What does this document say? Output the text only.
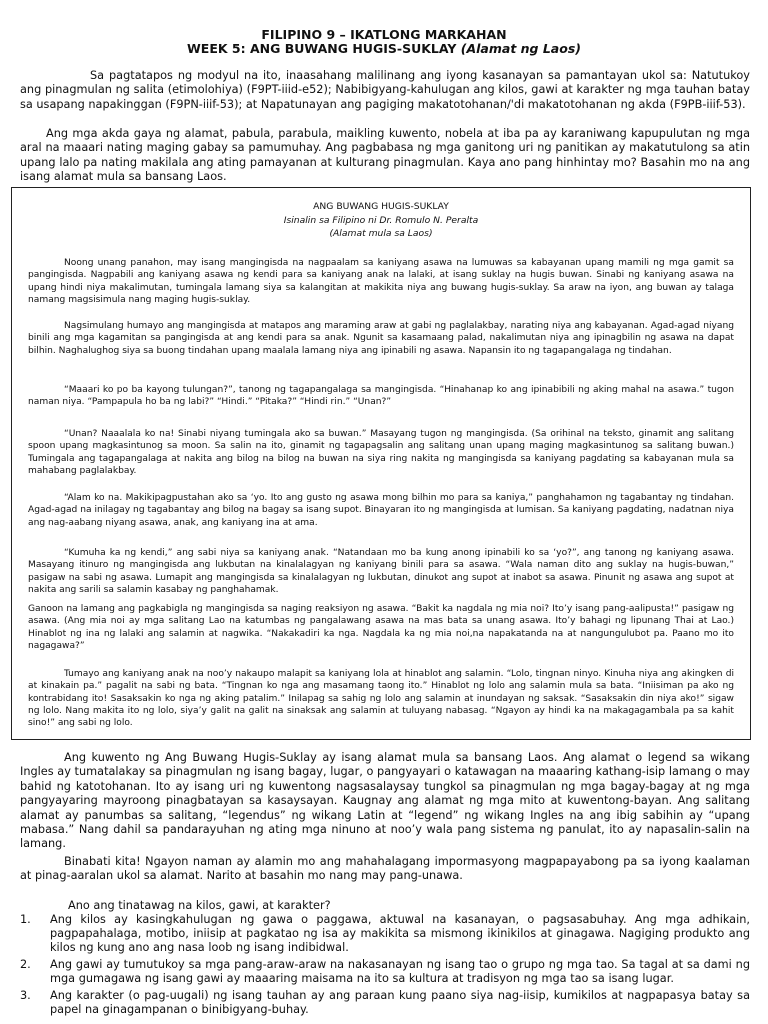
FILIPINO 9 – IKATLONG MARKAHAN
WEEK 5: ANG BUWANG HUGIS-SUKLAY (Alamat ng Laos)
Sa pagtatapos ng modyul na ito, inaasahang malilinang ang iyong kasanayan sa pamantayan ukol sa: Natutukoy ang pinagmulan ng salita (etimolohiya) (F9PT-iiid-e52); Nabibigyang-kahulugan ang kilos, gawi at karakter ng mga tauhan batay sa usapang napakinggan (F9PN-iiif-53); at Napatunayan ang pagiging makatotohanan/'di makatotohanan ng akda (F9PB-iiif-53).
Ang mga akda gaya ng alamat, pabula, parabula, maikling kuwento, nobela at iba pa ay karaniwang kapupulutan ng mga aral na maaari nating maging gabay sa pamumuhay. Ang pagbabasa ng mga ganitong uri ng panitikan ay makatutulong sa atin upang lalo pa nating makilala ang ating pamayanan at kulturang pinagmulan. Kaya ano pang hinhintay mo? Basahin mo na ang isang alamat mula sa bansang Laos.
ANG BUWANG HUGIS-SUKLAY
Isinalin sa Filipino ni Dr. Romulo N. Peralta
(Alamat mula sa Laos)
Noong unang panahon, may isang mangingisda na nagpaalam sa kaniyang asawa na lumuwas sa kabayanan upang mamili ng mga gamit sa pangingisda. Nagpabili ang kaniyang asawa ng kendi para sa kaniyang anak na lalaki, at isang suklay na hugis buwan. Sinabi ng kaniyang asawa na upang hindi niya makalimutan, tumingala lamang siya sa kalangitan at makikita niya ang buwang hugis-suklay. Sa araw na iyon, ang buwan ay talaga namang magsisimula nang maging hugis-suklay.
Nagsimulang humayo ang mangingisda at matapos ang maraming araw at gabi ng paglalakbay, narating niya ang kabayanan. Agad-agad niyang binili ang mga kagamitan sa pangingisda at ang kendi para sa anak. Ngunit sa kasamaang palad, nakalimutan niya ang ipinagbilin ng asawa na dapat bilhin. Naghalughog siya sa buong tindahan upang maalala lamang niya ang ipinabili ng asawa. Napansin ito ng tagapangalaga ng tindahan.
“Maaari ko po ba kayong tulungan?”, tanong ng tagapangalaga sa mangingisda. “Hinahanap ko ang ipinabibili ng aking mahal na asawa.” tugon naman niya. “Pampapula ho ba ng labi?” “Hindi.” “Pitaka?” “Hindi rin.” “Unan?”
“Unan? Naaalala ko na! Sinabi niyang tumingala ako sa buwan.” Masayang tugon ng mangingisda. (Sa orihinal na teksto, ginamit ang salitang spoon upang magkasintunog sa moon. Sa salin na ito, ginamit ng tagapagsalin ang salitang unan upang maging magkasintunog sa salitang buwan.) Tumingala ang tagapangalaga at nakita ang bilog na bilog na buwan na siya ring nakita ng mangingisda sa kaniyang pagdating sa kabayanan mula sa mahabang paglalakbay.
“Alam ko na. Makikipagpustahan ako sa ‘yo. Ito ang gusto ng asawa mong bilhin mo para sa kaniya,” panghahamon ng tagabantay ng tindahan. Agad-agad na inilagay ng tagabantay ang bilog na bagay sa isang supot. Binayaran ito ng mangingisda at lumisan. Sa kaniyang pagdating, nadatnan niya ang nag-aabang niyang asawa, anak, ang kaniyang ina at ama.
“Kumuha ka ng kendi,” ang sabi niya sa kaniyang anak. “Natandaan mo ba kung anong ipinabili ko sa ‘yo?”, ang tanong ng kaniyang asawa. Masayang itinuro ng mangingisda ang lukbutan na kinalalagyan ng kaniyang binili para sa asawa. “Wala naman dito ang suklay na hugis-buwan,” pasigaw na sabi ng asawa. Lumapit ang mangingisda sa kinalalagyan ng lukbutan, dinukot ang supot at inabot sa asawa. Pinunit ng asawa ang supot at nakita ang sarili sa salamin kasabay ng panghahamak.
Ganoon na lamang ang pagkabigla ng mangingisda sa naging reaksiyon ng asawa. “Bakit ka nagdala ng mia noi? Ito’y isang pang-aalipusta!” pasigaw ng asawa. (Ang mia noi ay mga salitang Lao na katumbas ng pangalawang asawa na mas bata sa unang asawa. Ito’y bahagi ng lipunang Thai at Lao.) Hinablot ng ina ng lalaki ang salamin at nagwika. “Nakakadiri ka nga. Nagdala ka ng mia noi,na napakatanda na at nangungulubot pa. Paano mo ito nagagawa?”
Tumayo ang kaniyang anak na noo’y nakaupo malapit sa kaniyang lola at hinablot ang salamin. “Lolo, tingnan ninyo. Kinuha niya ang akingken di at kinakain pa.” pagalit na sabi ng bata. “Tingnan ko nga ang masamang taong ito.” Hinablot ng lolo ang salamin mula sa bata. “Iniisiman pa ako ng kontrabidang ito! Sasaksakin ko nga ng aking patalim.” Inilapag sa sahig ng lolo ang salamin at inundayan ng saksak. “Sasaksakin din niya ako!” sigaw ng lolo. Nang makita ito ng lolo, siya’y galit na galit na sinaksak ang salamin at tuluyang nabasag. “Ngayon ay hindi ka na makagagambala pa sa kahit sino!” ang sabi ng lolo.
Ang kuwento ng Ang Buwang Hugis-Suklay ay isang alamat mula sa bansang Laos. Ang alamat o legend sa wikang Ingles ay tumatalakay sa pinagmulan ng isang bagay, lugar, o pangyayari o katawagan na maaaring kathang-isip lamang o may bahid ng katotohanan. Ito ay isang uri ng kuwentong nagsasalaysay tungkol sa pinagmulan ng mga bagay-bagay at ng mga pangyayaring mayroong pinagbatayan sa kasaysayan. Kaugnay ang alamat ng mga mito at kuwentong-bayan. Ang salitang alamat ay panumbas sa salitang, “legendus” ng wikang Latin at “legend” ng wikang Ingles na ang ibig sabihin ay “upang mabasa.” Nang dahil sa pandarayuhan ng ating mga ninuno at noo’y wala pang sistema ng panulat, ito ay napasalin-salin na lamang.
Binabati kita! Ngayon naman ay alamin mo ang mahahalagang impormasyong magpapayabong pa sa iyong kaalaman at pinag-aaralan ukol sa alamat. Narito at basahin mo nang may pang-unawa.
Ano ang tinatawag na kilos, gawi, at karakter?
1.	Ang kilos ay kasingkahulugan ng gawa o paggawa, aktuwal na kasanayan, o pagsasabuhay. Ang mga adhikain, pagpapahalaga, motibo, iniisip at pagkatao ng isa ay makikita sa mismong ikinikilos at ginagawa. Nagiging produkto ang kilos ng kung ano ang nasa loob ng isang indibidwal.
2.	Ang gawi ay tumutukoy sa mga pang-araw-araw na nakasanayan ng isang tao o grupo ng mga tao. Sa tagal at sa dami ng mga gumagawa ng isang gawi ay maaaring maisama na ito sa kultura at tradisyon ng mga tao sa isang lugar.
3.	Ang karakter (o pag-uugali) ng isang tauhan ay ang paraan kung paano siya nag-iisip, kumikilos at nagpapasya batay sa papel na ginagampanan o binibigyang-buhay.
